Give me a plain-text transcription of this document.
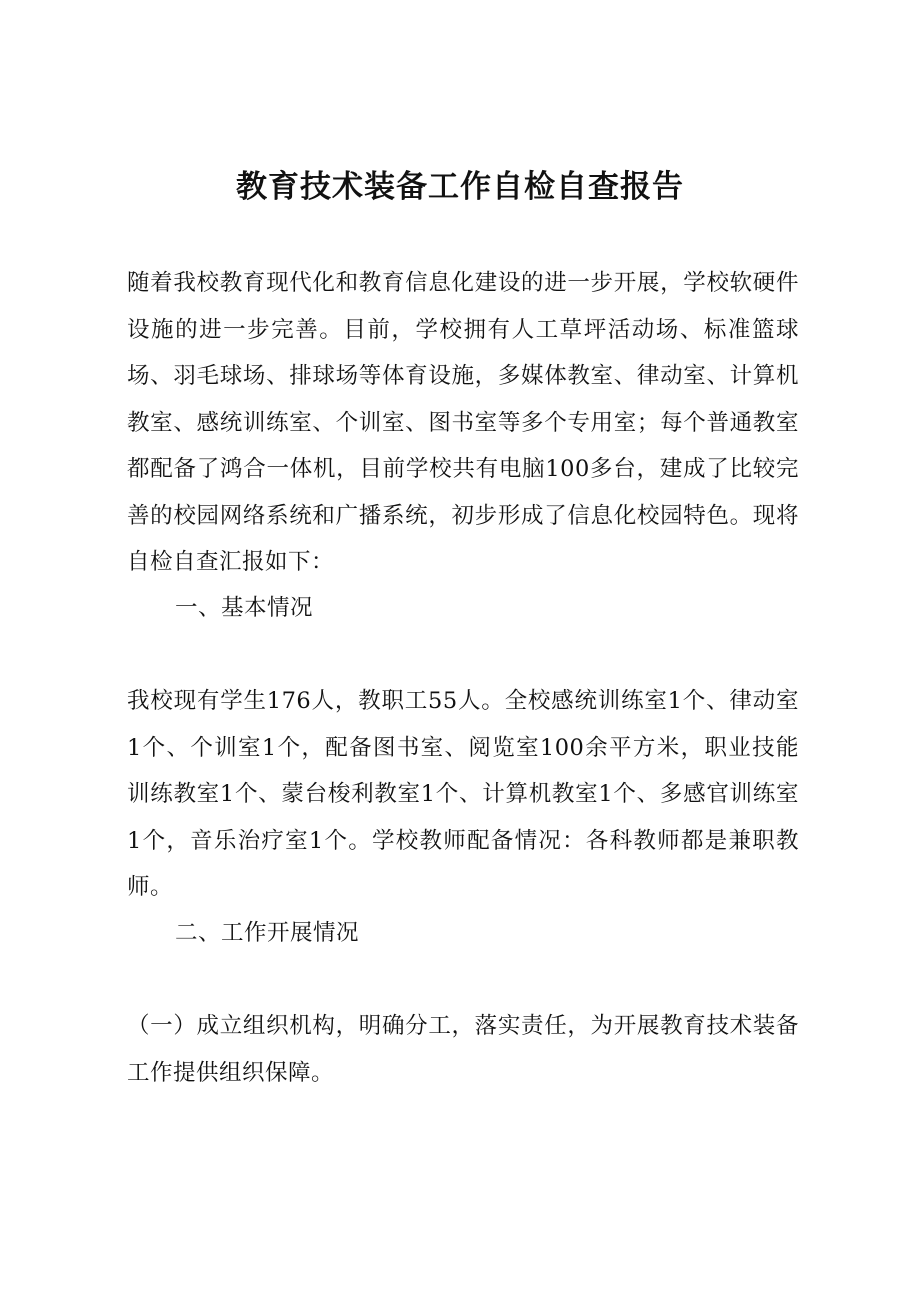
教育技术装备工作自检自查报告

随着我校教育现代化和教育信息化建设的进一步开展，学校软硬件设施的进一步完善。目前，学校拥有人工草坪活动场、标准篮球场、羽毛球场、排球场等体育设施，多媒体教室、律动室、计算机教室、感统训练室、个训室、图书室等多个专用室；每个普通教室都配备了鸿合一体机，目前学校共有电脑100多台，建成了比较完善的校园网络系统和广播系统，初步形成了信息化校园特色。现将自检自查汇报如下：

一、基本情况

我校现有学生176人，教职工55人。全校感统训练室1个、律动室1个、个训室1个，配备图书室、阅览室100余平方米，职业技能训练教室1个、蒙台梭利教室1个、计算机教室1个、多感官训练室1个，音乐治疗室1个。学校教师配备情况：各科教师都是兼职教师。

二、工作开展情况

（一）成立组织机构，明确分工，落实责任，为开展教育技术装备工作提供组织保障。
